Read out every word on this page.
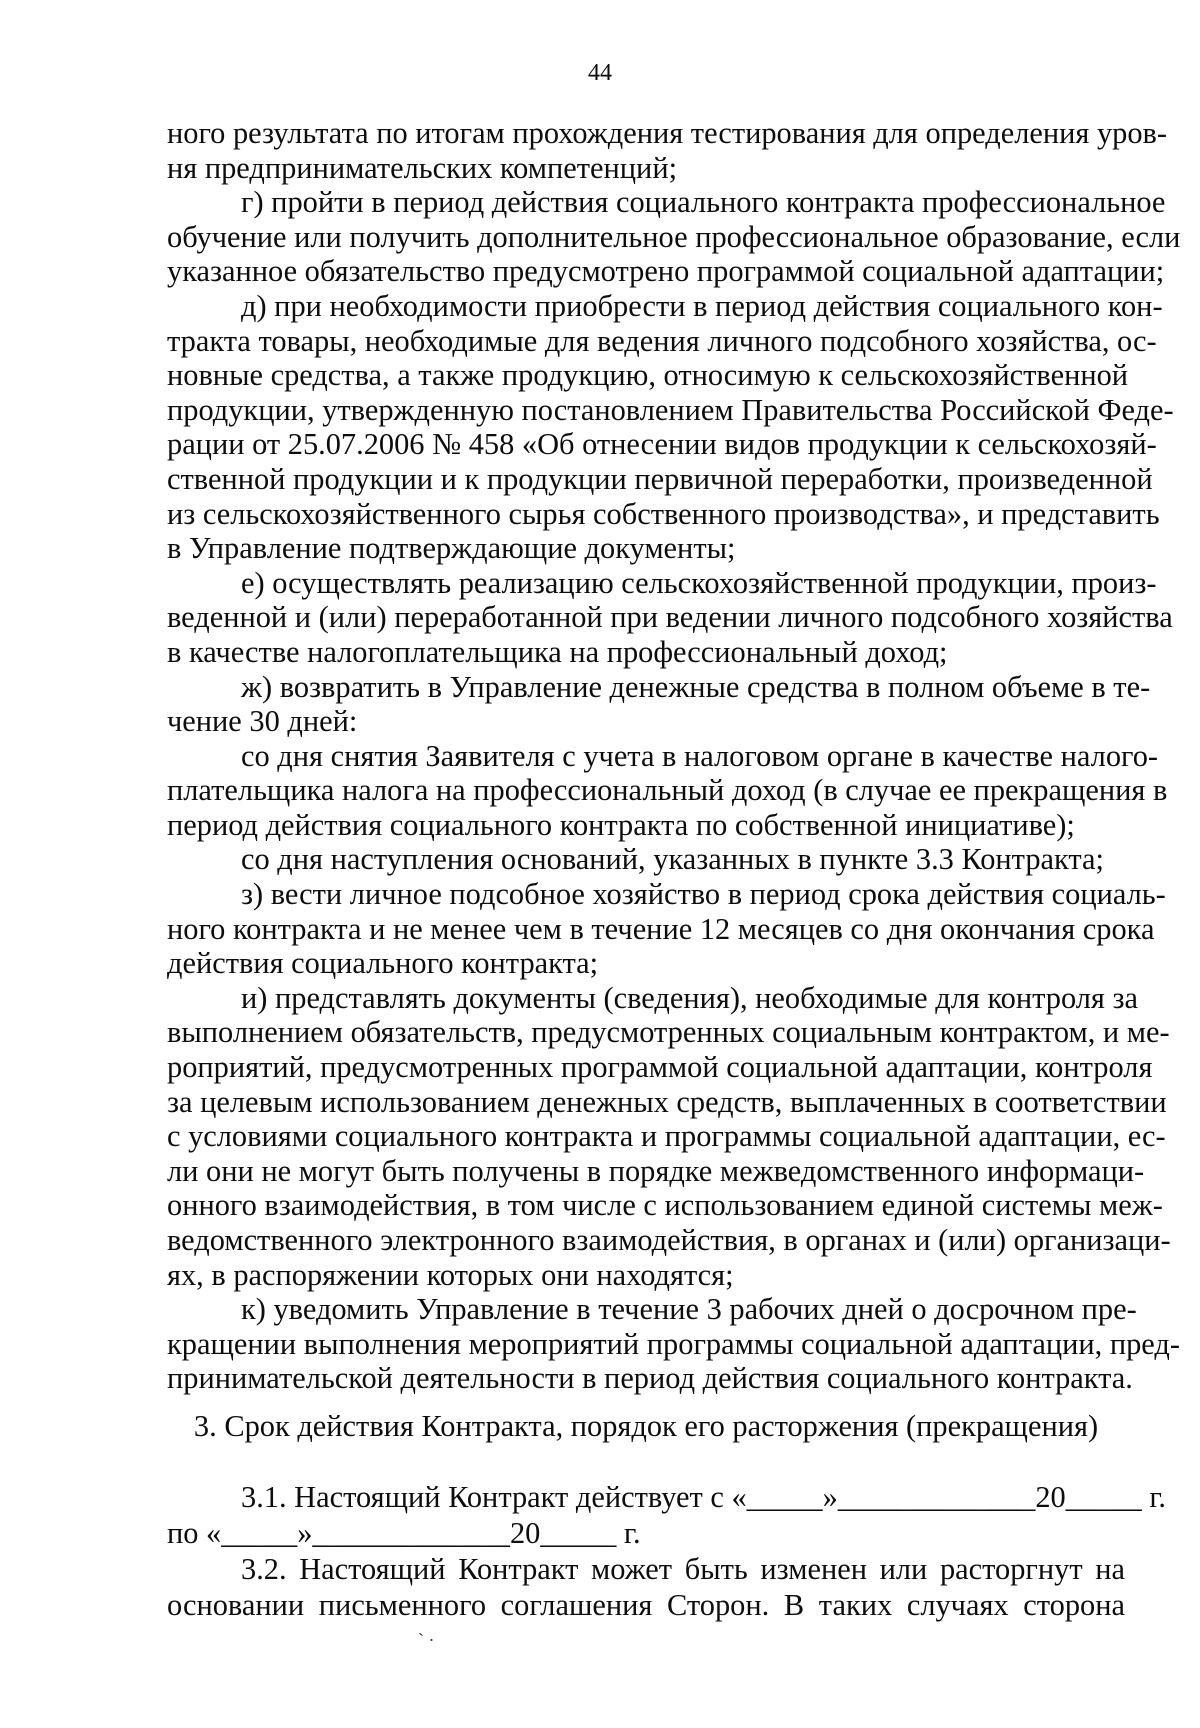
44
ного результата по итогам прохождения тестирования для определения уров-
ня предпринимательских компетенций;
г) пройти в период действия социального контракта профессиональное
обучение или получить дополнительное профессиональное образование, если
указанное обязательство предусмотрено программой социальной адаптации;
д) при необходимости приобрести в период действия социального кон-
тракта товары, необходимые для ведения личного подсобного хозяйства, ос-
новные средства, а также продукцию, относимую к сельскохозяйственной
продукции, утвержденную постановлением Правительства Российской Феде-
рации от 25.07.2006 № 458 «Об отнесении видов продукции к сельскохозяй-
ственной продукции и к продукции первичной переработки, произведенной
из сельскохозяйственного сырья собственного производства», и представить
в Управление подтверждающие документы;
е) осуществлять реализацию сельскохозяйственной продукции, произ-
веденной и (или) переработанной при ведении личного подсобного хозяйства
в качестве налогоплательщика на профессиональный доход;
ж) возвратить в Управление денежные средства в полном объеме в те-
чение 30 дней:
со дня снятия Заявителя с учета в налоговом органе в качестве налого-
плательщика налога на профессиональный доход (в случае ее прекращения в
период действия социального контракта по собственной инициативе);
со дня наступления оснований, указанных в пункте 3.3 Контракта;
з) вести личное подсобное хозяйство в период срока действия социаль-
ного контракта и не менее чем в течение 12 месяцев со дня окончания срока
действия социального контракта;
и) представлять документы (сведения), необходимые для контроля за
выполнением обязательств, предусмотренных социальным контрактом, и ме-
роприятий, предусмотренных программой социальной адаптации, контроля
за целевым использованием денежных средств, выплаченных в соответствии
с условиями социального контракта и программы социальной адаптации, ес-
ли они не могут быть получены в порядке межведомственного информаци-
онного взаимодействия, в том числе с использованием единой системы меж-
ведомственного электронного взаимодействия, в органах и (или) организаци-
ях, в распоряжении которых они находятся;
к) уведомить Управление в течение 3 рабочих дней о досрочном пре-
кращении выполнения мероприятий программы социальной адаптации, пред-
принимательской деятельности в период действия социального контракта.
3. Срок действия Контракта, порядок его расторжения (прекращения)
3.1. Настоящий Контракт действует с «_____»_____________20_____ г.
по «_____»_____________20_____ г.
3.2. Настоящий Контракт может быть изменен или расторгнут на
основании письменного соглашения Сторон. В таких случаях сторона
` ·
